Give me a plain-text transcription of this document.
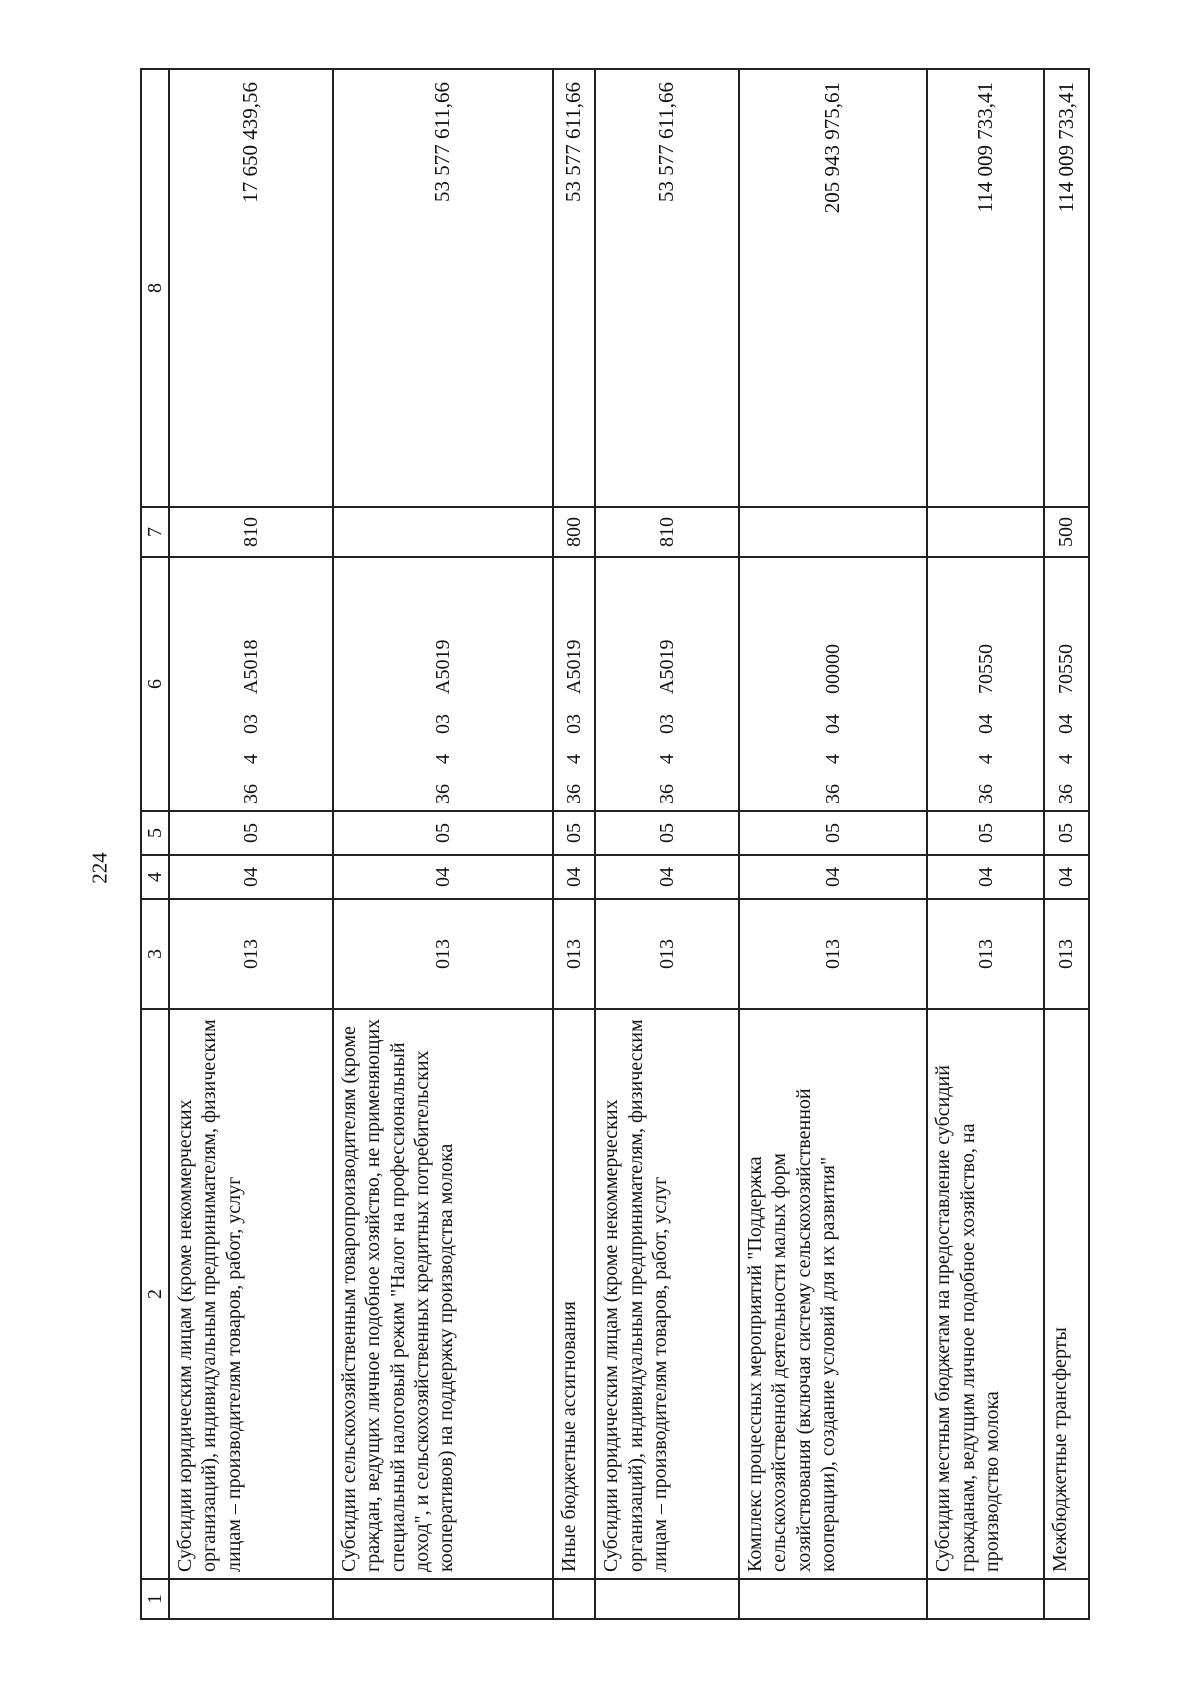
224
1	2	3	4	5	6	7	8
	Субсидии юридическим лицам (кроме некоммерческих организаций), индивидуальным предпринимателям, физическим лицам – производителям товаров, работ, услуг	013	04	05	36403A5018	810	17 650 439,56
	Субсидии сельскохозяйственным товаропроизводителям (кроме граждан, ведущих личное подобное хозяйство, не применяющих специальный налоговый режим "Налог на профессиональный доход", и сельскохозяйственных кредитных потребительских кооперативов) на поддержку производства молока	013	04	05	36403A5019		53 577 611,66
	Иные бюджетные ассигнования	013	04	05	36403A5019	800	53 577 611,66
	Субсидии юридическим лицам (кроме некоммерческих организаций), индивидуальным предпринимателям, физическим лицам – производителям товаров, работ, услуг	013	04	05	36403A5019	810	53 577 611,66
	Комплекс процессных мероприятий "Поддержка сельскохозяйственной деятельности малых форм хозяйствования (включая систему сельскохозяйственной кооперации), создание условий для их развития"	013	04	05	3640400000		205 943 975,61
	Субсидии местным бюджетам на предоставление субсидий гражданам, ведущим личное подобное хозяйство, на производство молока	013	04	05	3640470550		114 009 733,41
	Межбюджетные трансферты	013	04	05	3640470550	500	114 009 733,41
